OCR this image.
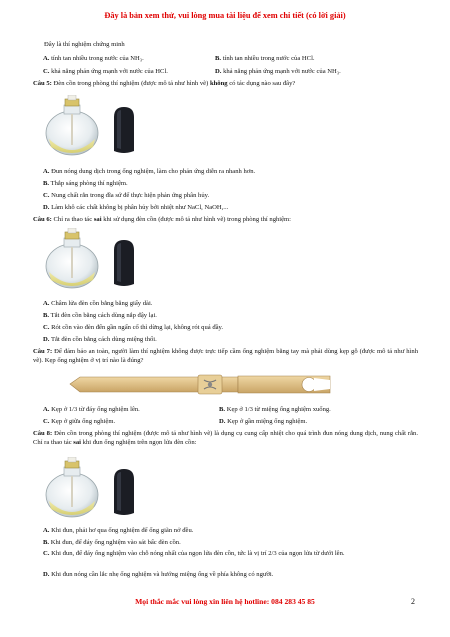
Đây là bản xem thử, vui lòng mua tài liệu để xem chi tiết (có lời giải)
Đây là thí nghiệm chứng minh
A. tính tan nhiều trong nước của NH₃.	B. tính tan nhiều trong nước của HCl.
C. khả năng phản ứng mạnh với nước của HCl.	D. khả năng phản ứng mạnh với nước của NH₃.
Câu 5: Đèn cồn trong phòng thí nghiệm (được mô tả như hình vẽ) không có tác dụng nào sau đây?
A. Đun nóng dung dịch trong ống nghiệm, làm cho phản ứng diễn ra nhanh hơn.
B. Thắp sáng phòng thí nghiệm.
C. Nung chất rắn trong đĩa sứ để thực hiện phản ứng phân hủy.
D. Làm khô các chất không bị phân hủy bởi nhiệt như NaCl, NaOH,...
Câu 6: Chỉ ra thao tác sai khi sử dụng đèn cồn (được mô tả như hình vẽ) trong phòng thí nghiệm:
A. Châm lửa đèn cồn bằng băng giấy dài.
B. Tắt đèn cồn bằng cách dùng nắp đậy lại.
C. Rót cồn vào đèn đến gần ngấn cổ thì dừng lại, không rót quá đầy.
D. Tắt đèn cồn bằng cách dùng miệng thổi.
Câu 7: Để đảm bảo an toàn, người làm thí nghiệm không được trực tiếp cầm ống nghiệm bằng tay mà phải dùng kẹp gỗ (được mô tả như hình vẽ). Kẹp ống nghiệm ở vị trí nào là đúng?
A. Kẹp ở 1/3 từ đáy ống nghiệm lên.	B. Kẹp ở 1/3 từ miệng ống nghiệm xuống.
C. Kẹp ở giữa ống nghiệm.	D. Kẹp ở gần miệng ống nghiệm.
Câu 8: Đèn cồn trong phòng thí nghiệm (được mô tả như hình vẽ) là dụng cụ cung cấp nhiệt cho quá trình đun nóng dung dịch, nung chất rắn. Chỉ ra thao tác sai khi đun ống nghiệm trên ngọn lửa đèn cồn:
A. Khi đun, phải hơ qua ống nghiệm để ống giãn nở đều.
B. Khi đun, để đáy ống nghiệm vào sát bấc đèn cồn.
C. Khi đun, để đáy ống nghiệm vào chỗ nóng nhất của ngọn lửa đèn cồn, tức là vị trí 2/3 của ngọn lửa từ dưới lên.
D. Khi đun nóng cần lắc nhẹ ống nghiệm và hướng miệng ống về phía không có người.
Mọi thắc mắc vui lòng xin liên hệ hotline: 084 283 45 85	2
